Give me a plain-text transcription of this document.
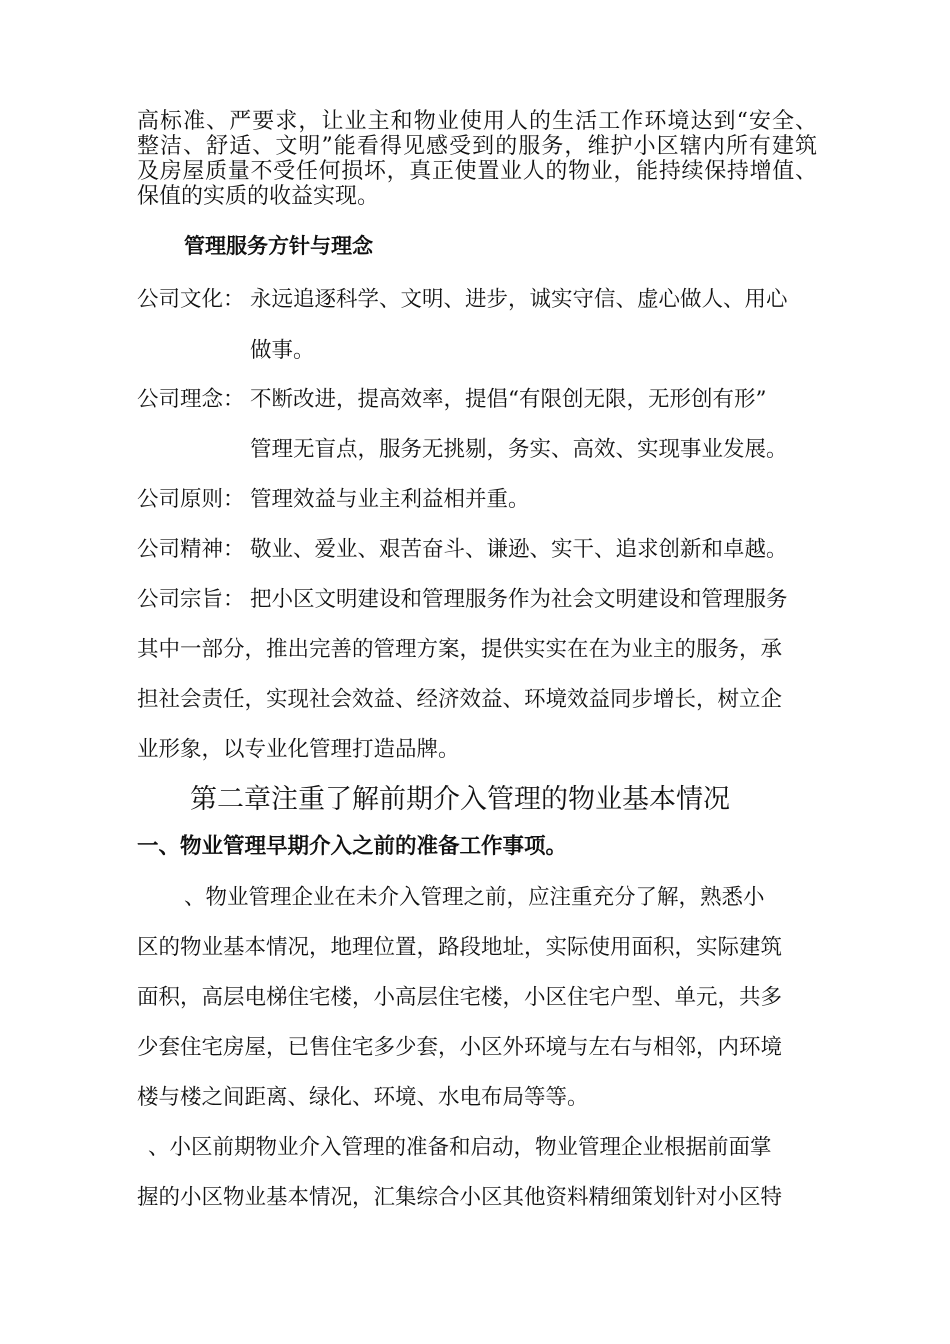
高标准、严要求，让业主和物业使用人的生活工作环境达到“安全、
整洁、舒适、文明”能看得见感受到的服务，维护小区辖内所有建筑
及房屋质量不受任何损坏，真正使置业人的物业，能持续保持增值、
保值的实质的收益实现。
管理服务方针与理念
公司文化： 永远追逐科学、文明、进步，诚实守信、虚心做人、用心
做事。
公司理念： 不断改进，提高效率，提倡“有限创无限，无形创有形”
管理无盲点，服务无挑剔，务实、高效、实现事业发展。
公司原则： 管理效益与业主利益相并重。
公司精神： 敬业、爱业、艰苦奋斗、谦逊、实干、追求创新和卓越。
公司宗旨： 把小区文明建设和管理服务作为社会文明建设和管理服务
其中一部分，推出完善的管理方案，提供实实在在为业主的服务，承
担社会责任，实现社会效益、经济效益、环境效益同步增长，树立企
业形象，以专业化管理打造品牌。
第二章注重了解前期介入管理的物业基本情况
一、物业管理早期介入之前的准备工作事项。
、物业管理企业在未介入管理之前，应注重充分了解，熟悉小
区的物业基本情况，地理位置，路段地址，实际使用面积，实际建筑
面积，高层电梯住宅楼，小高层住宅楼，小区住宅户型、单元，共多
少套住宅房屋，已售住宅多少套，小区外环境与左右与相邻，内环境
楼与楼之间距离、绿化、环境、水电布局等等。
、小区前期物业介入管理的准备和启动，物业管理企业根据前面掌
握的小区物业基本情况，汇集综合小区其他资料精细策划针对小区特
